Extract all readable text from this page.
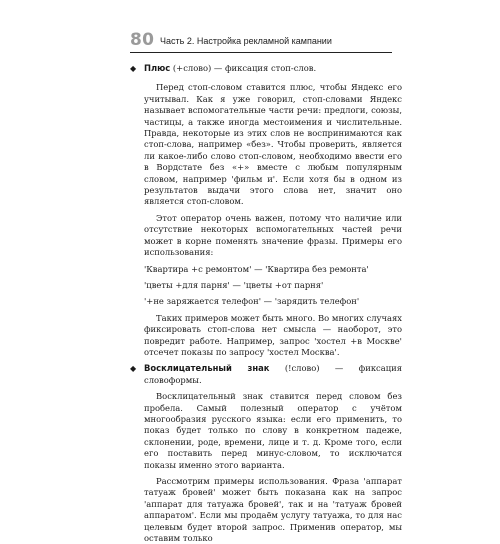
80 Часть 2. Настройка рекламной кампании

◆ Плюс (+слово) — фиксация стоп-слов.

Перед стоп-словом ставится плюс, чтобы Яндекс его учитывал. Как я уже говорил, стоп-словами Яндекс называет вспомогательные части речи: предлоги, союзы, частицы, а также иногда местоимения и числительные. Правда, некоторые из этих слов не воспринимаются как стоп-слова, например «без». Чтобы проверить, является ли какое-либо слово стоп-словом, необходимо ввести его в Вордстате без «+» вместе с любым популярным словом, например 'фильм и'. Если хотя бы в одном из результатов выдачи этого слова нет, значит оно является стоп-словом.

Этот оператор очень важен, потому что наличие или отсутствие некоторых вспомогательных частей речи может в корне поменять значение фразы. Примеры его использования:

'Квартира +с ремонтом' — 'Квартира без ремонта'

'цветы +для парня' — 'цветы +от парня'

'+не заряжается телефон' — 'зарядить телефон'

Таких примеров может быть много. Во многих случаях фиксировать стоп-слова нет смысла — наоборот, это повредит работе. Например, запрос 'хостел +в Москве' отсечет показы по запросу 'хостел Москва'.

◆ Восклицательный знак (!слово) — фиксация словоформы.

Восклицательный знак ставится перед словом без пробела. Самый полезный оператор с учётом многообразия русского языка: если его применить, то показ будет только по слову в конкретном падеже, склонении, роде, времени, лице и т. д. Кроме того, если его поставить перед минус-словом, то исключатся показы именно этого варианта.

Рассмотрим примеры использования. Фраза 'аппарат татуаж бровей' может быть показана как на запрос 'аппарат для татуажа бровей', так и на 'татуаж бровей аппаратом'. Если мы продаём услугу татуажа, то для нас целевым будет второй запрос. Применив оператор, мы оставим только
